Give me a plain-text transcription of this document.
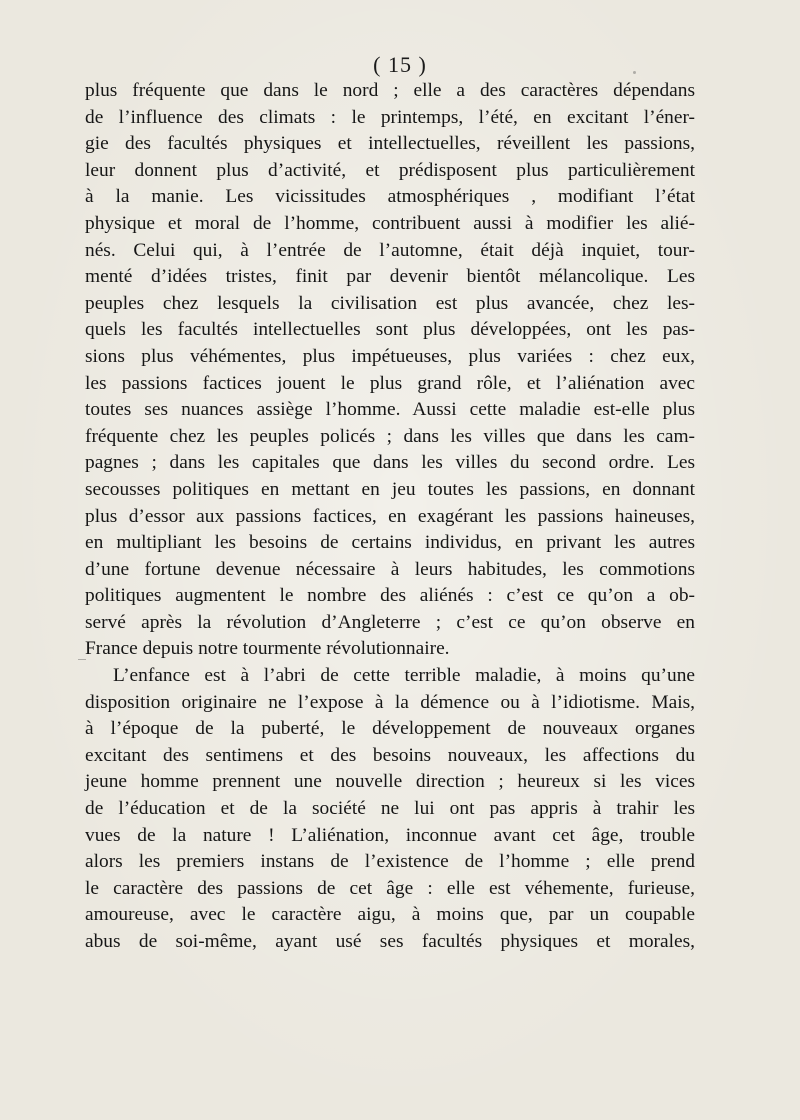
( 15 )
plus fréquente que dans le nord ; elle a des caractères dépendans
de l’influence des climats : le printemps, l’été, en excitant l’éner-
gie des facultés physiques et intellectuelles, réveillent les passions,
leur donnent plus d’activité, et prédisposent plus particulièrement
à la manie. Les vicissitudes atmosphériques , modifiant l’état
physique et moral de l’homme, contribuent aussi à modifier les alié-
nés. Celui qui, à l’entrée de l’automne, était déjà inquiet, tour-
menté d’idées tristes, finit par devenir bientôt mélancolique. Les
peuples chez lesquels la civilisation est plus avancée, chez les-
quels les facultés intellectuelles sont plus développées, ont les pas-
sions plus véhémentes, plus impétueuses, plus variées : chez eux,
les passions factices jouent le plus grand rôle, et l’aliénation avec
toutes ses nuances assiège l’homme. Aussi cette maladie est-elle plus
fréquente chez les peuples policés ; dans les villes que dans les cam-
pagnes ; dans les capitales que dans les villes du second ordre. Les
secousses politiques en mettant en jeu toutes les passions, en donnant
plus d’essor aux passions factices, en exagérant les passions haineuses,
en multipliant les besoins de certains individus, en privant les autres
d’une fortune devenue nécessaire à leurs habitudes, les commotions
politiques augmentent le nombre des aliénés : c’est ce qu’on a ob-
servé après la révolution d’Angleterre ; c’est ce qu’on observe en
France depuis notre tourmente révolutionnaire.
L’enfance est à l’abri de cette terrible maladie, à moins qu’une
disposition originaire ne l’expose à la démence ou à l’idiotisme. Mais,
à l’époque de la puberté, le développement de nouveaux organes
excitant des sentimens et des besoins nouveaux, les affections du
jeune homme prennent une nouvelle direction ; heureux si les vices
de l’éducation et de la société ne lui ont pas appris à trahir les
vues de la nature ! L’aliénation, inconnue avant cet âge, trouble
alors les premiers instans de l’existence de l’homme ; elle prend
le caractère des passions de cet âge : elle est véhemente, furieuse,
amoureuse, avec le caractère aigu, à moins que, par un coupable
abus de soi-même, ayant usé ses facultés physiques et morales,
